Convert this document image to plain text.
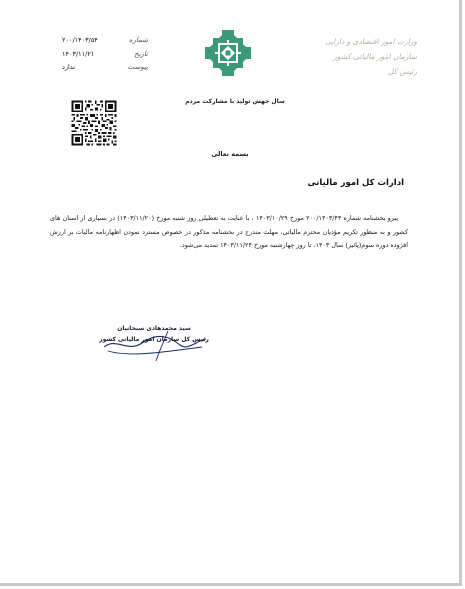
وزارت امور اقتصادی و دارایی
سازمان امور مالیاتی کشور
رئیس کل
شماره
۲۰۰/۱۴۰۳/۵۴
تاریخ
۱۴۰۳/۱۱/۲۱
پیوست
ندارد
سال جهش تولید با مشارکت مردم
بسمه تعالی
ادارات کل امور مالیاتی

پیرو بخشنامه شماره ۲۰۰/۱۴۰۳/۴۳ مورخ ۱۴۰۳/۱۰/۲۹ ، با عنایت به تعطیلی روز شنبه مورخ (۱۴۰۳/۱۱/۲۰) در بسیاری از استان های کشور و به منظور تکریم مؤدیان محترم مالیاتی، مهلت مندرج در بخشنامه مذکور در خصوص مسترد نمودن اظهارنامه مالیات بر ارزش افزوده دوره سوم(پائیز) سال ۱۴۰۳، تا روز چهارشنبه مورخ ۱۴۰۳/۱۱/۲۴ تمدید می‌شود.

سید محمدهادی سبحانیان
رئیس کل سازمان امور مالیاتی کشور
